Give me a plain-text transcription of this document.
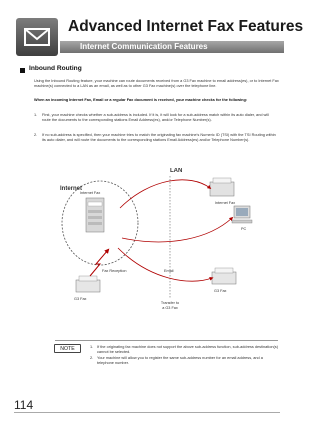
Advanced Internet Fax Features
Internet Communication Features
Inbound Routing
Using the Inbound Routing feature, your machine can route documents received from a G3 Fax machine to email address(es), or to Internet Fax machine(s) connected to a LAN as an email, as well as to other G3 Fax machine(s) over the telephone line.
When an incoming Internet Fax, Email or a regular Fax document is received, your machine checks for the following:
1. First, your machine checks whether a sub-address is included. If it is, it will look for a sub-address match within its auto dialer, and will route the documents to the corresponding stations Email Address(es), and/or Telephone Number(s).
2. If no sub-address is specified, then your machine tries to match the originating fax machine's Numeric ID (TSI) with the TSI Routing within its auto dialer, and will route the documents to the corresponding stations Email Address(es) and/or Telephone Number(s).
LAN
Internet
Internet Fax
Internet Fax
PC
G3 Fax
G3 Fax
Fax Reception	Email
Transfer to
a G3 Fax
NOTE	1. If the originating fax machine does not support the above sub-address function, sub-address destination(s) cannot be selected.
2. Your machine will allow you to register the same sub-address number for an email address, and a telephone number.
114
